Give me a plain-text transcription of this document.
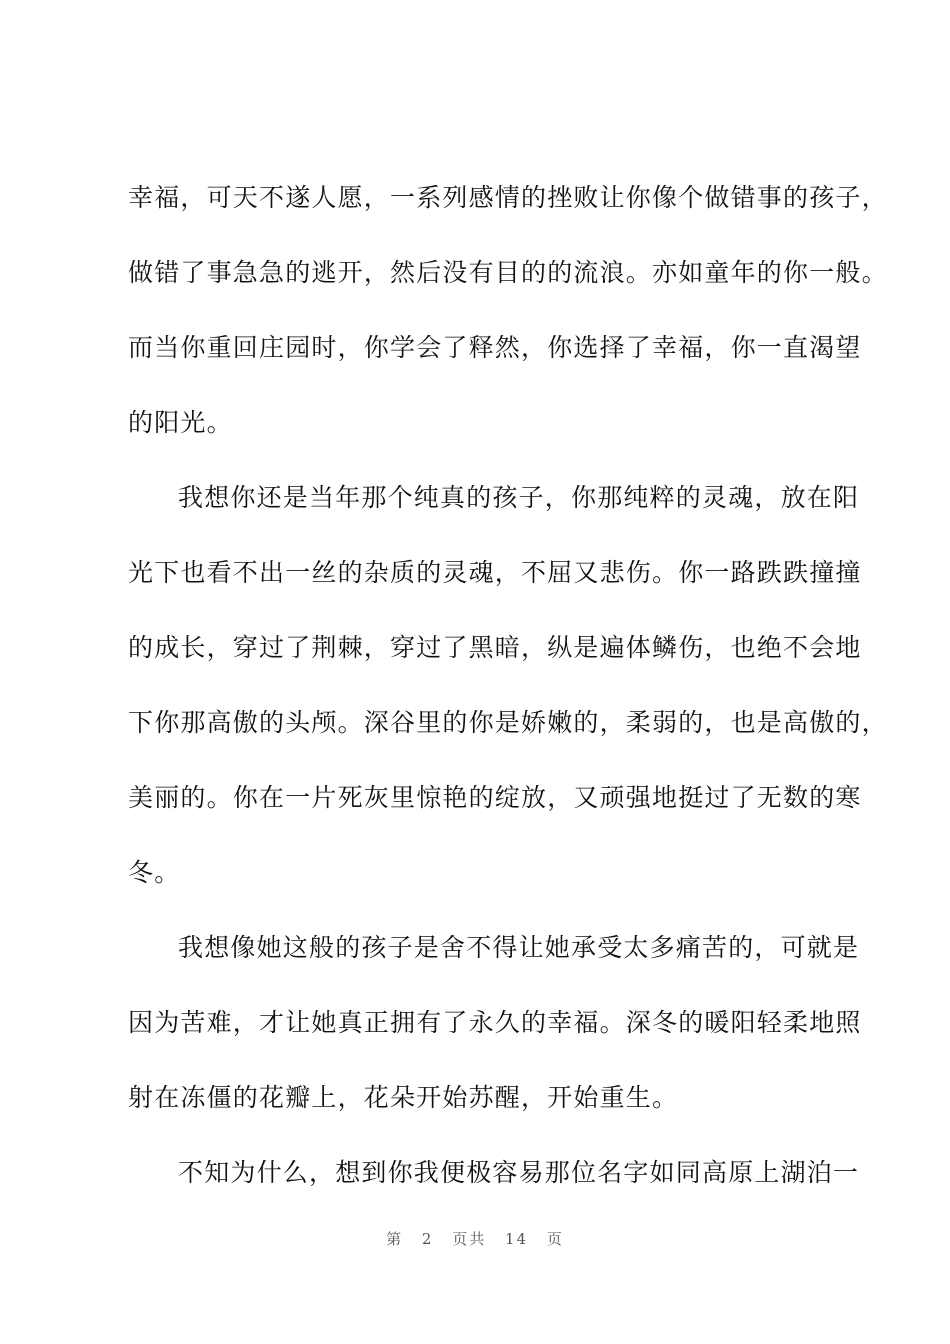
幸福，可天不遂人愿，一系列感情的挫败让你像个做错事的孩子，
做错了事急急的逃开，然后没有目的的流浪。亦如童年的你一般。
而当你重回庄园时，你学会了释然，你选择了幸福，你一直渴望
的阳光。
我想你还是当年那个纯真的孩子，你那纯粹的灵魂，放在阳
光下也看不出一丝的杂质的灵魂，不屈又悲伤。你一路跌跌撞撞
的成长，穿过了荆棘，穿过了黑暗，纵是遍体鳞伤，也绝不会地
下你那高傲的头颅。深谷里的你是娇嫩的，柔弱的，也是高傲的，
美丽的。你在一片死灰里惊艳的绽放，又顽强地挺过了无数的寒
冬。
我想像她这般的孩子是舍不得让她承受太多痛苦的，可就是
因为苦难，才让她真正拥有了永久的幸福。深冬的暖阳轻柔地照
射在冻僵的花瓣上，花朵开始苏醒，开始重生。
不知为什么，想到你我便极容易那位名字如同高原上湖泊一
第 2 页共 14 页
